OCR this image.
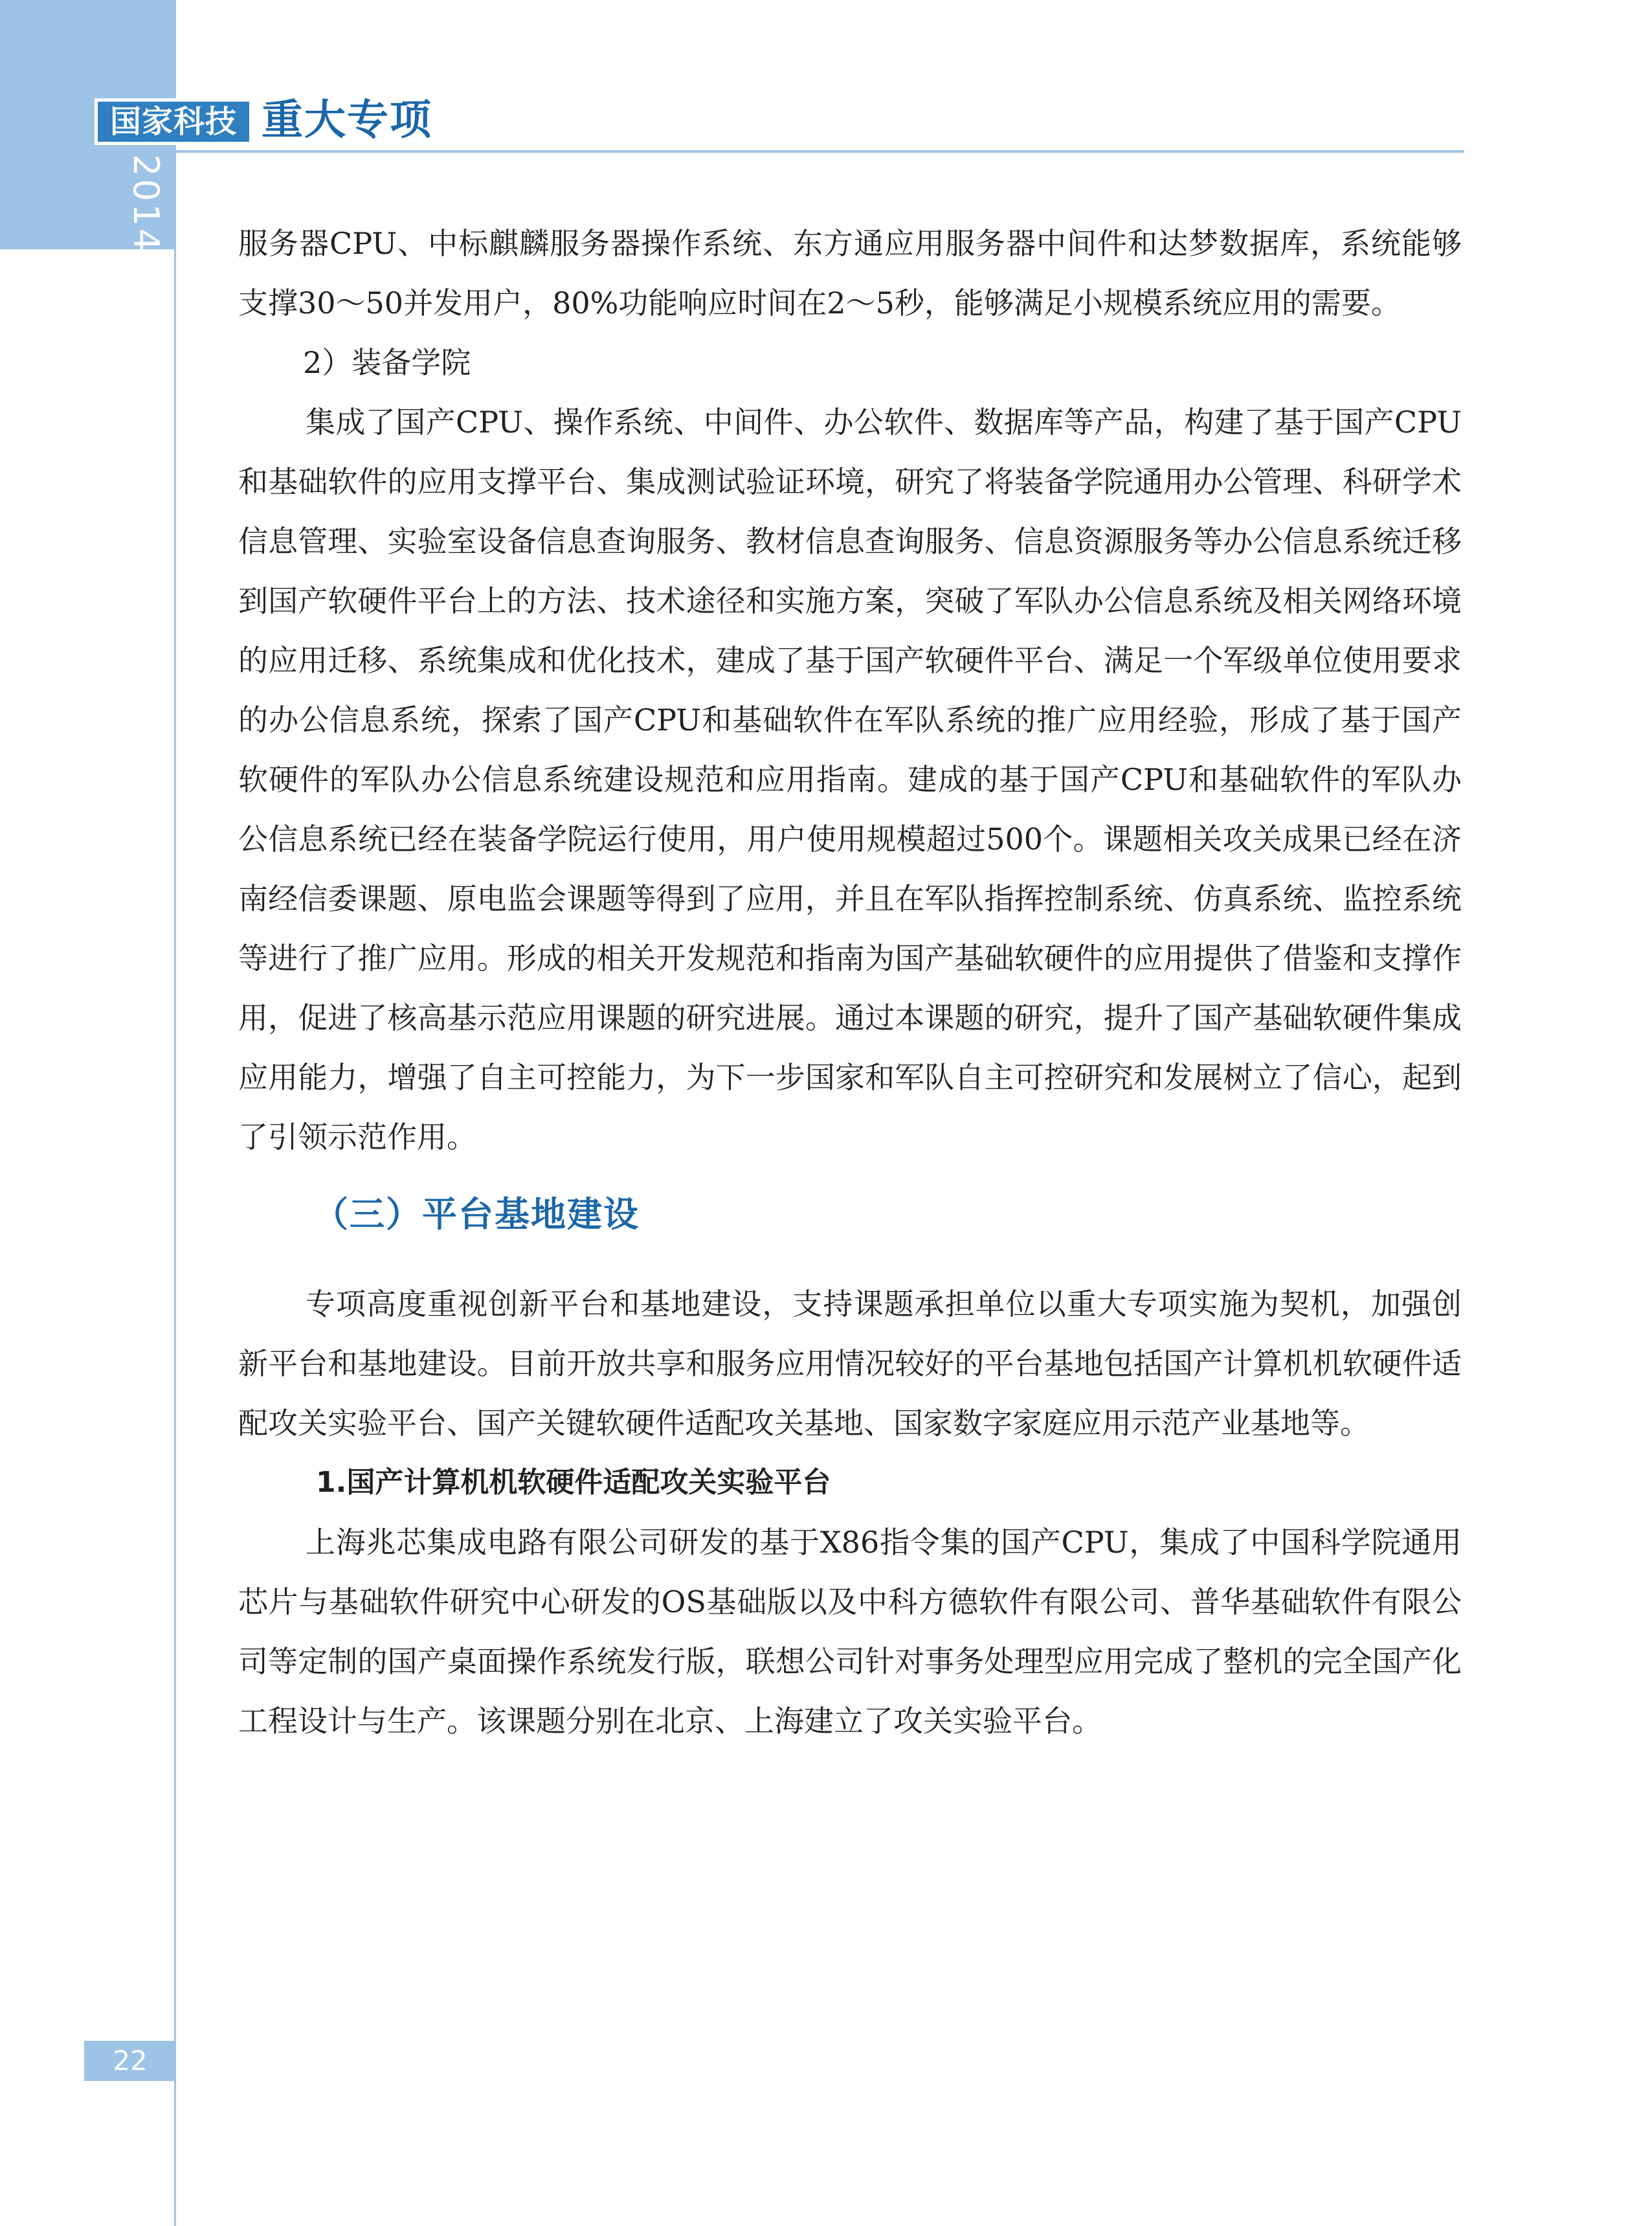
国家科技 重大专项
2014 年度报告 服务器CPU、中标麒麟服务器操作系统、东方通应用服务器中间件和达梦数据库，系统能够支撑30～50并发用户，80%功能响应时间在2～5秒，能够满足小规模系统应用的需要。

2）装备学院

集成了国产CPU、操作系统、中间件、办公软件、数据库等产品，构建了基于国产CPU和基础软件的应用支撑平台、集成测试验证环境，研究了将装备学院通用办公管理、科研学术信息管理、实验室设备信息查询服务、教材信息查询服务、信息资源服务等办公信息系统迁移到国产软硬件平台上的方法、技术途径和实施方案，突破了军队办公信息系统及相关网络环境的应用迁移、系统集成和优化技术，建成了基于国产软硬件平台、满足一个军级单位使用要求的办公信息系统，探索了国产CPU和基础软件在军队系统的推广应用经验，形成了基于国产软硬件的军队办公信息系统建设规范和应用指南。建成的基于国产CPU和基础软件的军队办公信息系统已经在装备学院运行使用，用户使用规模超过500个。课题相关攻关成果已经在济南经信委课题、原电监会课题等得到了应用，并且在军队指挥控制系统、仿真系统、监控系统等进行了推广应用。形成的相关开发规范和指南为国产基础软硬件的应用提供了借鉴和支撑作用，促进了核高基示范应用课题的研究进展。通过本课题的研究，提升了国产基础软硬件集成应用能力，增强了自主可控能力，为下一步国家和军队自主可控研究和发展树立了信心，起到了引领示范作用。

（三）平台基地建设

专项高度重视创新平台和基地建设，支持课题承担单位以重大专项实施为契机，加强创新平台和基地建设。目前开放共享和服务应用情况较好的平台基地包括国产计算机机软硬件适配攻关实验平台、国产关键软硬件适配攻关基地、国家数字家庭应用示范产业基地等。

1.国产计算机机软硬件适配攻关实验平台

上海兆芯集成电路有限公司研发的基于X86指令集的国产CPU，集成了中国科学院通用芯片与基础软件研究中心研发的OS基础版以及中科方德软件有限公司、普华基础软件有限公司等定制的国产桌面操作系统发行版，联想公司针对事务处理型应用完成了整机的完全国产化工程设计与生产。该课题分别在北京、上海建立了攻关实验平台。

22
